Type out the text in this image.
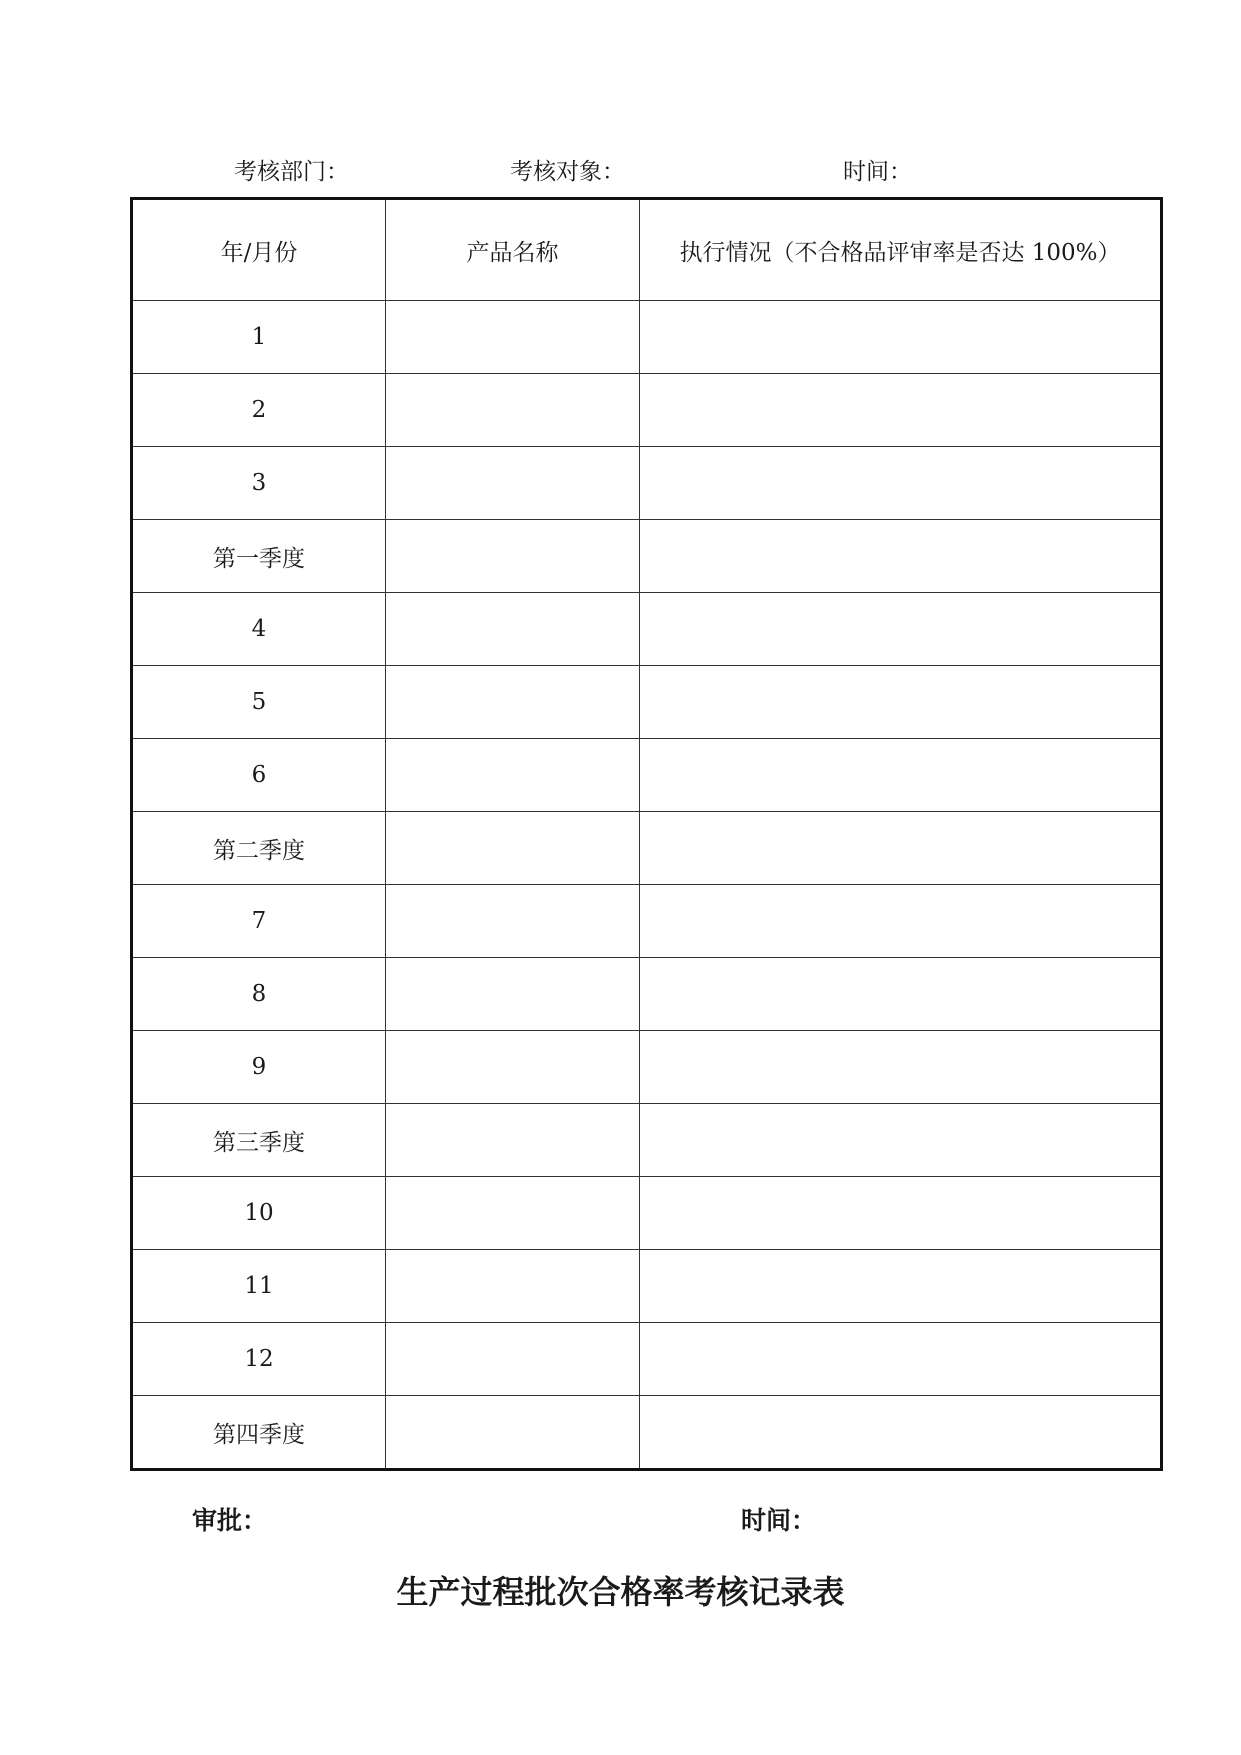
考核部门：	考核对象：	时间：
年/月份	产品名称	执行情况（不合格品评审率是否达 100%）
1		
2		
3		
第一季度		
4		
5		
6		
第二季度		
7		
8		
9		
第三季度		
10		
11		
12		
第四季度		
审批：	时间：
生产过程批次合格率考核记录表
